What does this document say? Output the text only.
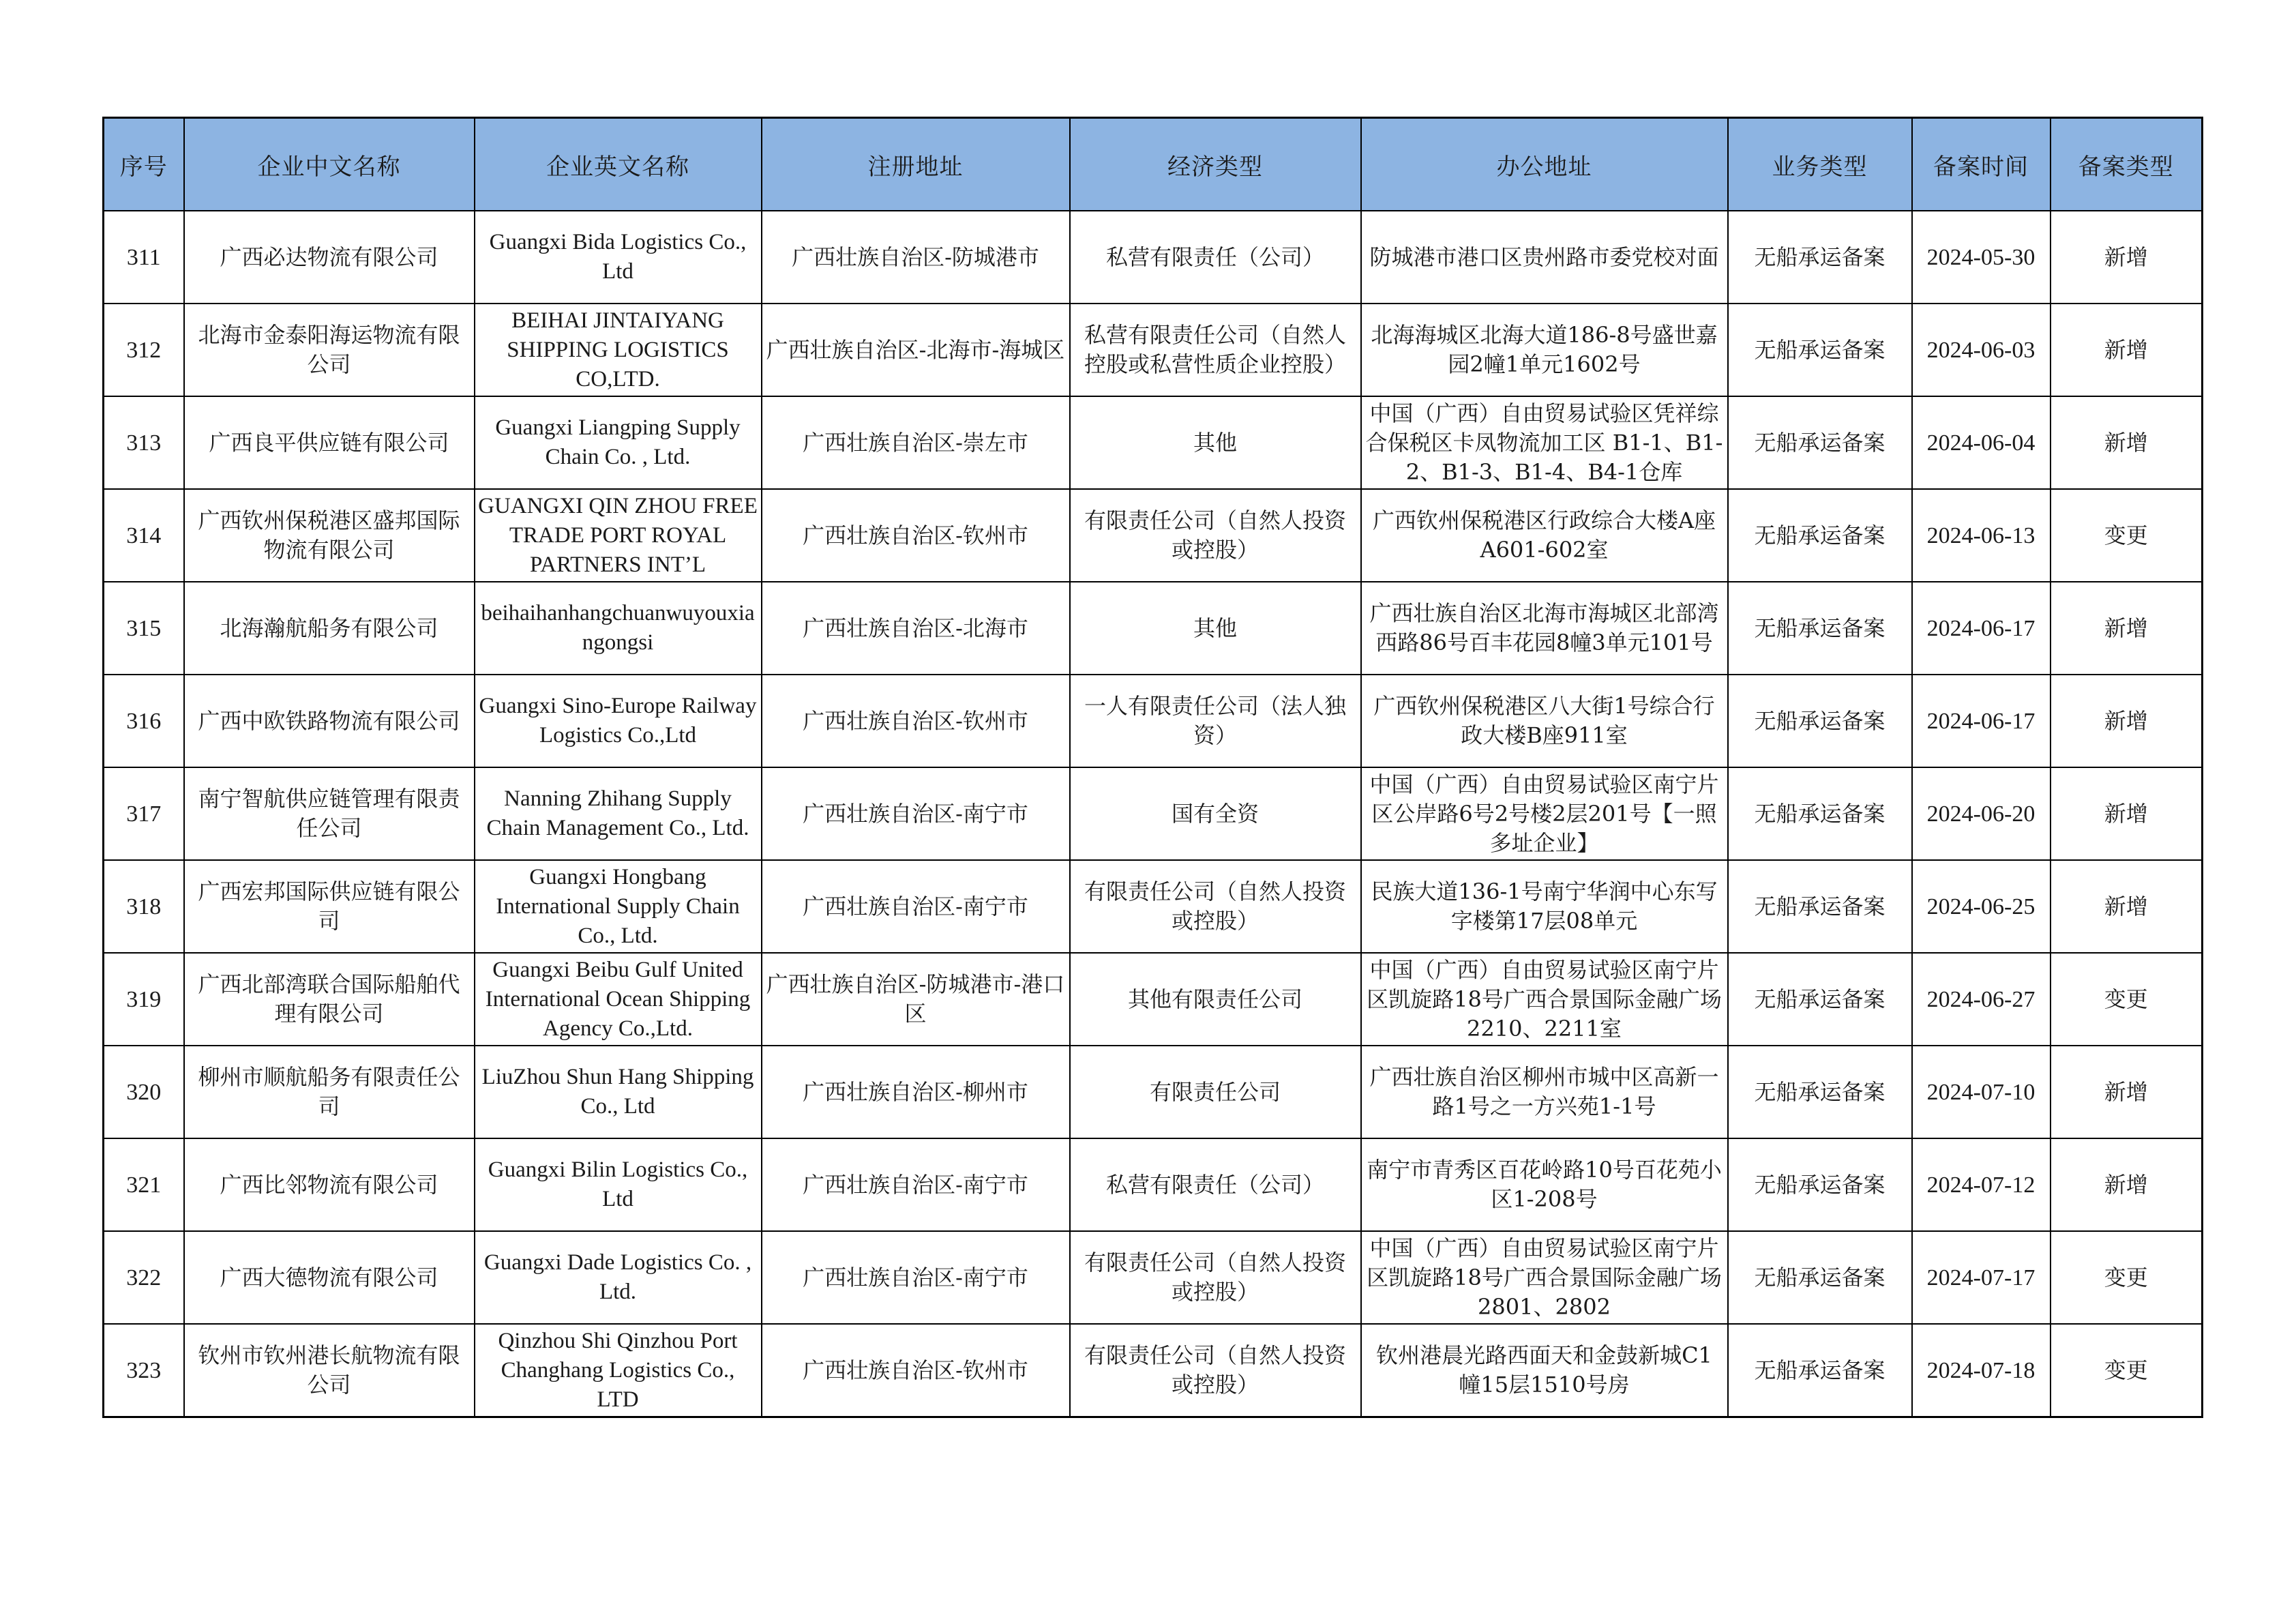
序号	企业中文名称	企业英文名称	注册地址	经济类型	办公地址	业务类型	备案时间	备案类型
311	广西必达物流有限公司	Guangxi Bida Logistics Co., Ltd	广西壮族自治区-防城港市	私营有限责任（公司）	防城港市港口区贵州路市委党校对面	无船承运备案	2024-05-30	新增
312	北海市金泰阳海运物流有限公司	BEIHAI JINTAIYANG SHIPPING LOGISTICS CO,LTD.	广西壮族自治区-北海市-海城区	私营有限责任公司（自然人控股或私营性质企业控股）	北海海城区北海大道186-8号盛世嘉园2幢1单元1602号	无船承运备案	2024-06-03	新增
313	广西良平供应链有限公司	Guangxi Liangping Supply Chain Co. , Ltd.	广西壮族自治区-崇左市	其他	中国（广西）自由贸易试验区凭祥综合保税区卡凤物流加工区 B1-1、B1-2、B1-3、B1-4、B4-1仓库	无船承运备案	2024-06-04	新增
314	广西钦州保税港区盛邦国际物流有限公司	GUANGXI QIN ZHOU FREE TRADE PORT ROYAL PARTNERS INT’L	广西壮族自治区-钦州市	有限责任公司（自然人投资或控股）	广西钦州保税港区行政综合大楼A座A601-602室	无船承运备案	2024-06-13	变更
315	北海瀚航船务有限公司	beihaihanhangchuanwuyouxiangongsi	广西壮族自治区-北海市	其他	广西壮族自治区北海市海城区北部湾西路86号百丰花园8幢3单元101号	无船承运备案	2024-06-17	新增
316	广西中欧铁路物流有限公司	Guangxi Sino-Europe Railway Logistics Co.,Ltd	广西壮族自治区-钦州市	一人有限责任公司（法人独资）	广西钦州保税港区八大街1号综合行政大楼B座911室	无船承运备案	2024-06-17	新增
317	南宁智航供应链管理有限责任公司	Nanning Zhihang Supply Chain Management Co., Ltd.	广西壮族自治区-南宁市	国有全资	中国（广西）自由贸易试验区南宁片区公岸路6号2号楼2层201号【一照多址企业】	无船承运备案	2024-06-20	新增
318	广西宏邦国际供应链有限公司	Guangxi Hongbang International Supply Chain Co., Ltd.	广西壮族自治区-南宁市	有限责任公司（自然人投资或控股）	民族大道136-1号南宁华润中心东写字楼第17层08单元	无船承运备案	2024-06-25	新增
319	广西北部湾联合国际船舶代理有限公司	Guangxi Beibu Gulf United International Ocean Shipping Agency Co.,Ltd.	广西壮族自治区-防城港市-港口区	其他有限责任公司	中国（广西）自由贸易试验区南宁片区凯旋路18号广西合景国际金融广场2210、2211室	无船承运备案	2024-06-27	变更
320	柳州市顺航船务有限责任公司	LiuZhou Shun Hang Shipping Co., Ltd	广西壮族自治区-柳州市	有限责任公司	广西壮族自治区柳州市城中区高新一路1号之一方兴苑1-1号	无船承运备案	2024-07-10	新增
321	广西比邻物流有限公司	Guangxi Bilin Logistics Co., Ltd	广西壮族自治区-南宁市	私营有限责任（公司）	南宁市青秀区百花岭路10号百花苑小区1-208号	无船承运备案	2024-07-12	新增
322	广西大德物流有限公司	Guangxi Dade Logistics Co. , Ltd.	广西壮族自治区-南宁市	有限责任公司（自然人投资或控股）	中国（广西）自由贸易试验区南宁片区凯旋路18号广西合景国际金融广场2801、2802	无船承运备案	2024-07-17	变更
323	钦州市钦州港长航物流有限公司	Qinzhou Shi Qinzhou Port Changhang Logistics Co., LTD	广西壮族自治区-钦州市	有限责任公司（自然人投资或控股）	钦州港晨光路西面天和金鼓新城C1幢15层1510号房	无船承运备案	2024-07-18	变更
